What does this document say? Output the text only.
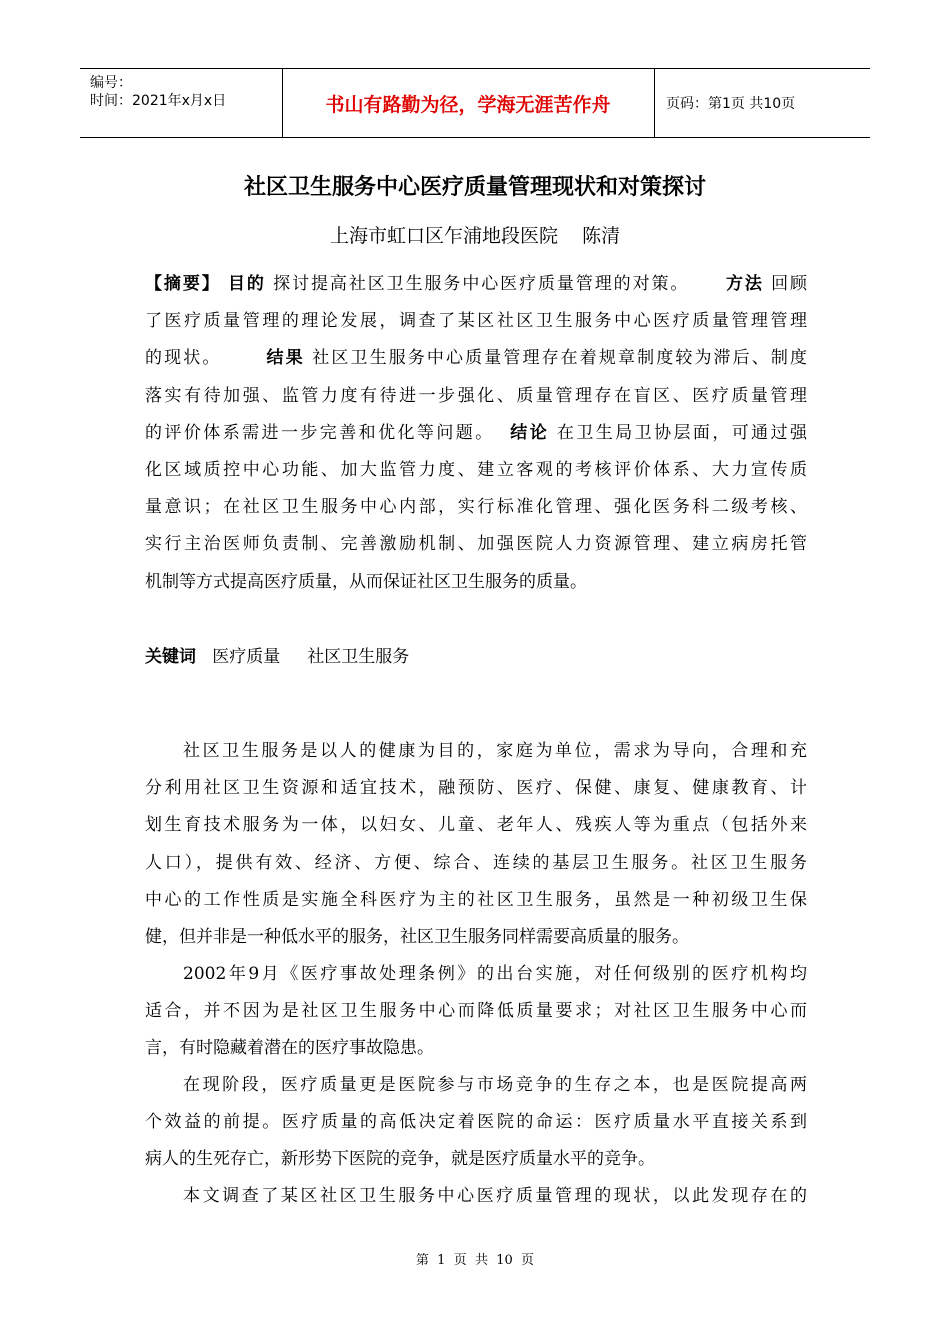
编号：
时间：2021年x月x日	书山有路勤为径，学海无涯苦作舟	页码：第1页 共10页
社区卫生服务中心医疗质量管理现状和对策探讨
上海市虹口区乍浦地段医院    陈清
【摘要】 目的 探讨提高社区卫生服务中心医疗质量管理的对策。 方法 回顾
了医疗质量管理的理论发展，调查了某区社区卫生服务中心医疗质量管理管理
的现状。	结果 社区卫生服务中心质量管理存在着规章制度较为滞后、制度
落实有待加强、监管力度有待进一步强化、质量管理存在盲区、医疗质量管理
的评价体系需进一步完善和优化等问题。 结论 在卫生局卫协层面，可通过强
化区域质控中心功能、加大监管力度、建立客观的考核评价体系、大力宣传质
量意识；在社区卫生服务中心内部，实行标准化管理、强化医务科二级考核、
实行主治医师负责制、完善激励机制、加强医院人力资源管理、建立病房托管
机制等方式提高医疗质量，从而保证社区卫生服务的质量。
关键词 医疗质量     社区卫生服务
社区卫生服务是以人的健康为目的，家庭为单位，需求为导向，合理和充
分利用社区卫生资源和适宜技术，融预防、医疗、保健、康复、健康教育、计
划生育技术服务为一体，以妇女、儿童、老年人、残疾人等为重点（包括外来
人口），提供有效、经济、方便、综合、连续的基层卫生服务。社区卫生服务
中心的工作性质是实施全科医疗为主的社区卫生服务，虽然是一种初级卫生保
健，但并非是一种低水平的服务，社区卫生服务同样需要高质量的服务。
2002年9月《医疗事故处理条例》的出台实施，对任何级别的医疗机构均
适合，并不因为是社区卫生服务中心而降低质量要求；对社区卫生服务中心而
言，有时隐藏着潜在的医疗事故隐患。
在现阶段，医疗质量更是医院参与市场竞争的生存之本，也是医院提高两
个效益的前提。医疗质量的高低决定着医院的命运：医疗质量水平直接关系到
病人的生死存亡，新形势下医院的竞争，就是医疗质量水平的竞争。
本文调查了某区社区卫生服务中心医疗质量管理的现状，以此发现存在的
第  1  页  共  10  页
